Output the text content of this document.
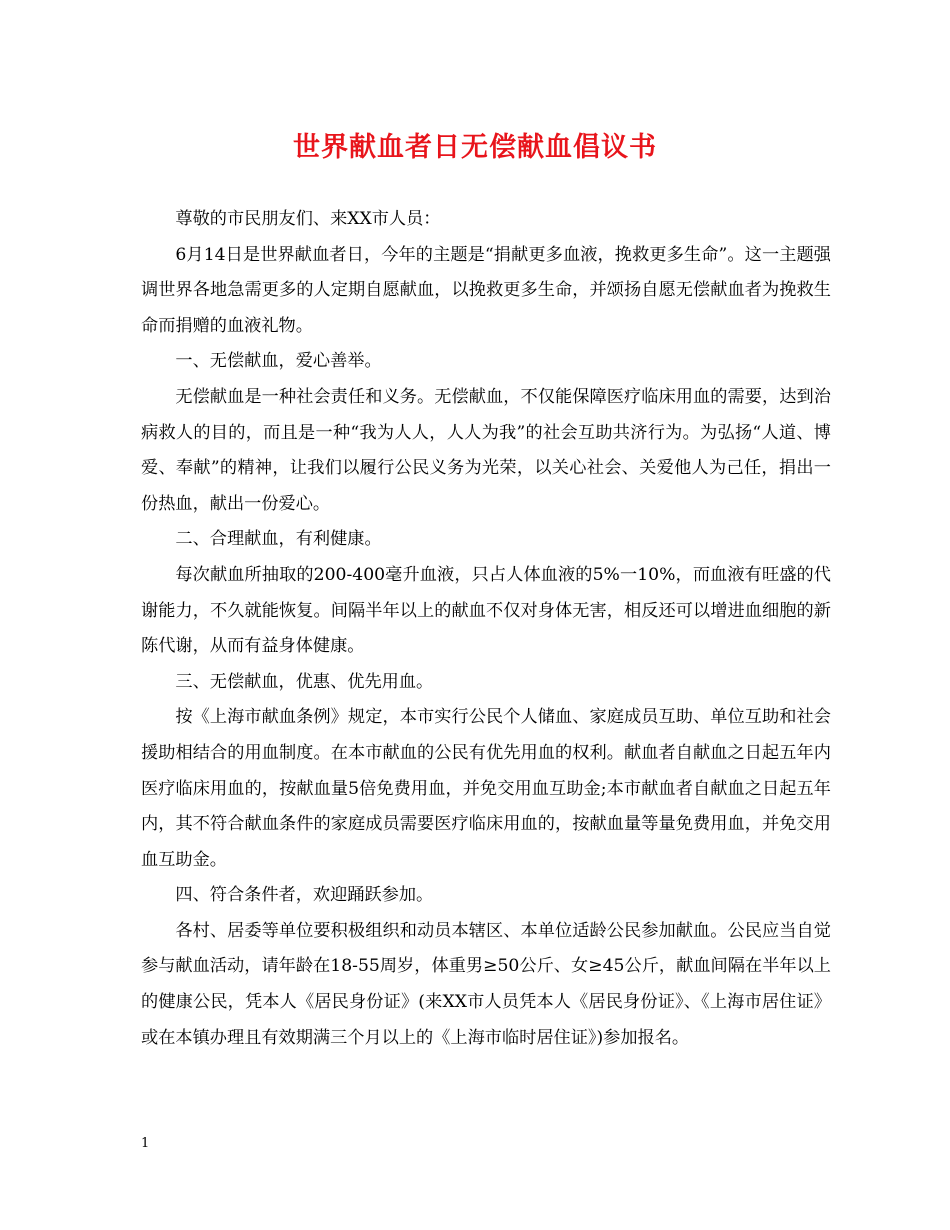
世界献血者日无偿献血倡议书

尊敬的市民朋友们、来XX市人员：

6月14日是世界献血者日，今年的主题是“捐献更多血液，挽救更多生命”。这一主题强调世界各地急需更多的人定期自愿献血，以挽救更多生命，并颂扬自愿无偿献血者为挽救生命而捐赠的血液礼物。

一、无偿献血，爱心善举。

无偿献血是一种社会责任和义务。无偿献血，不仅能保障医疗临床用血的需要，达到治病救人的目的，而且是一种“我为人人，人人为我”的社会互助共济行为。为弘扬“人道、博爱、奉献”的精神，让我们以履行公民义务为光荣，以关心社会、关爱他人为己任，捐出一份热血，献出一份爱心。

二、合理献血，有利健康。

每次献血所抽取的200-400毫升血液，只占人体血液的5%一10%，而血液有旺盛的代谢能力，不久就能恢复。间隔半年以上的献血不仅对身体无害，相反还可以增进血细胞的新陈代谢，从而有益身体健康。

三、无偿献血，优惠、优先用血。

按《上海市献血条例》规定，本市实行公民个人储血、家庭成员互助、单位互助和社会援助相结合的用血制度。在本市献血的公民有优先用血的权利。献血者自献血之日起五年内医疗临床用血的，按献血量5倍免费用血，并免交用血互助金;本市献血者自献血之日起五年内，其不符合献血条件的家庭成员需要医疗临床用血的，按献血量等量免费用血，并免交用血互助金。

四、符合条件者，欢迎踊跃参加。

各村、居委等单位要积极组织和动员本辖区、本单位适龄公民参加献血。公民应当自觉参与献血活动，请年龄在18-55周岁，体重男≥50公斤、女≥45公斤，献血间隔在半年以上的健康公民，凭本人《居民身份证》(来XX市人员凭本人《居民身份证》、《上海市居住证》或在本镇办理且有效期满三个月以上的《上海市临时居住证》)参加报名。

1
